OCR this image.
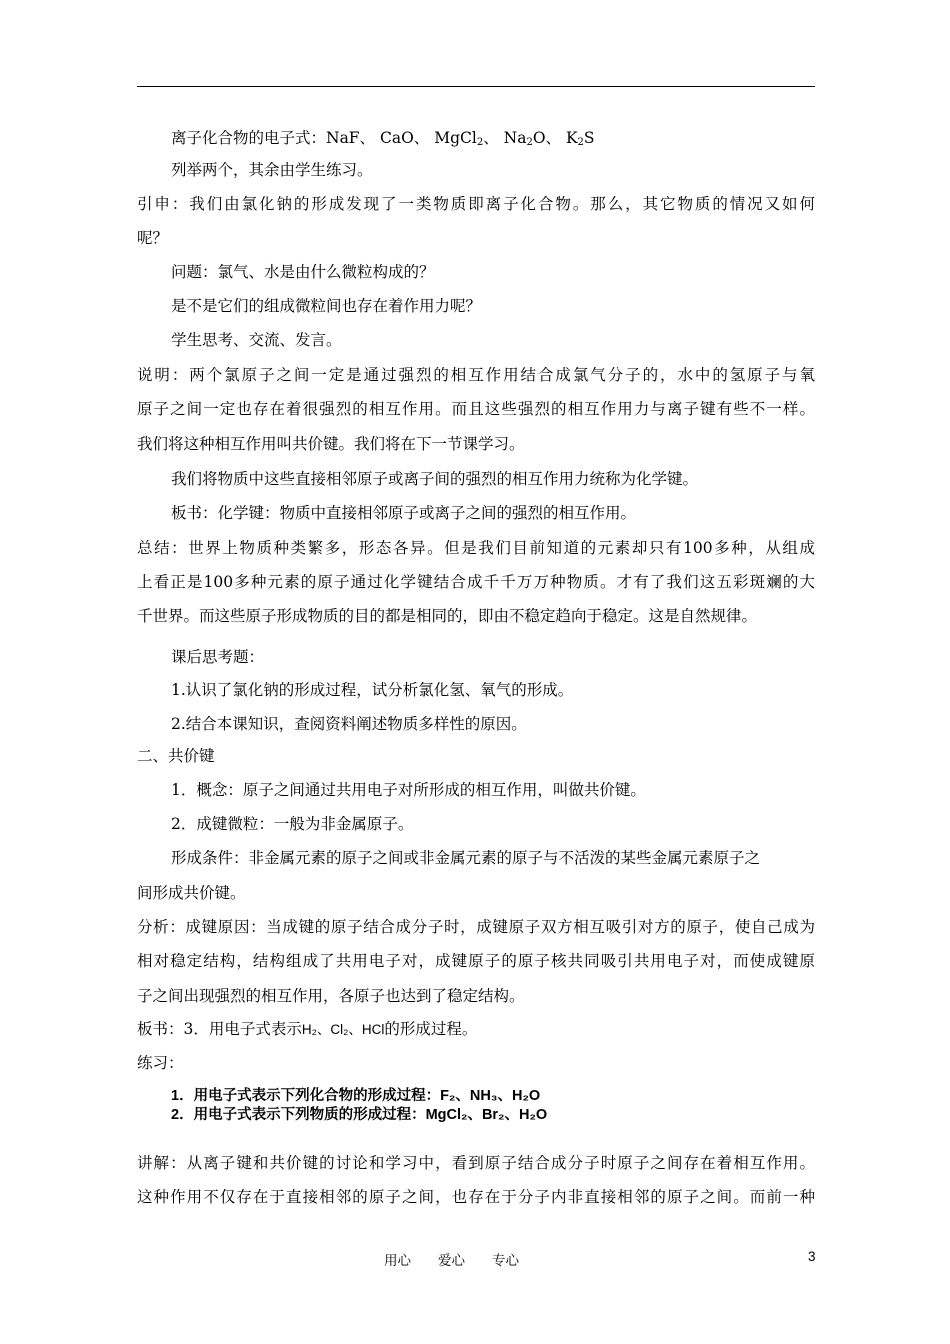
离子化合物的电子式：NaF、 CaO、 MgCl$_2$、 $Na_2O$、 $K_2S$
列举两个，其余由学生练习。
引申：我们由氯化钠的形成发现了一类物质即离子化合物。那么，其它物质的情况又如何
呢？
问题：氯气、水是由什么微粒构成的？
是不是它们的组成微粒间也存在着作用力呢？
学生思考、交流、发言。
说明：两个氯原子之间一定是通过强烈的相互作用结合成氯气分子的，水中的氢原子与氧
原子之间一定也存在着很强烈的相互作用。而且这些强烈的相互作用力与离子键有些不一样。
我们将这种相互作用叫共价键。我们将在下一节课学习。
我们将物质中这些直接相邻原子或离子间的强烈的相互作用力统称为化学键。
板书：化学键：物质中直接相邻原子或离子之间的强烈的相互作用。
总结：世界上物质种类繁多，形态各异。但是我们目前知道的元素却只有100多种，从组成
上看正是100多种元素的原子通过化学键结合成千千万万种物质。才有了我们这五彩斑斓的大
千世界。而这些原子形成物质的目的都是相同的，即由不稳定趋向于稳定。这是自然规律。
课后思考题：
1.认识了氯化钠的形成过程，试分析氯化氢、氧气的形成。
2.结合本课知识，查阅资料阐述物质多样性的原因。
二、共价键
1．概念：原子之间通过共用电子对所形成的相互作用，叫做共价键。
2．成键微粒：一般为非金属原子。
形成条件：非金属元素的原子之间或非金属元素的原子与不活泼的某些金属元素原子之
间形成共价键。
分析：成键原因：当成键的原子结合成分子时，成键原子双方相互吸引对方的原子，使自己成为
相对稳定结构，结构组成了共用电子对，成键原子的原子核共同吸引共用电子对，而使成键原
子之间出现强烈的相互作用，各原子也达到了稳定结构。
板书：3．用电子式表示H₂、Cl₂、HCl的形成过程。
练习：
1．用电子式表示下列化合物的形成过程：F₂、NH₃、H₂O
2．用电子式表示下列物质的形成过程：MgCl₂、Br₂、H₂O
讲解：从离子键和共价键的讨论和学习中，看到原子结合成分子时原子之间存在着相互作用。
这种作用不仅存在于直接相邻的原子之间，也存在于分子内非直接相邻的原子之间。而前一种
用心　　爱心　　专心	3
